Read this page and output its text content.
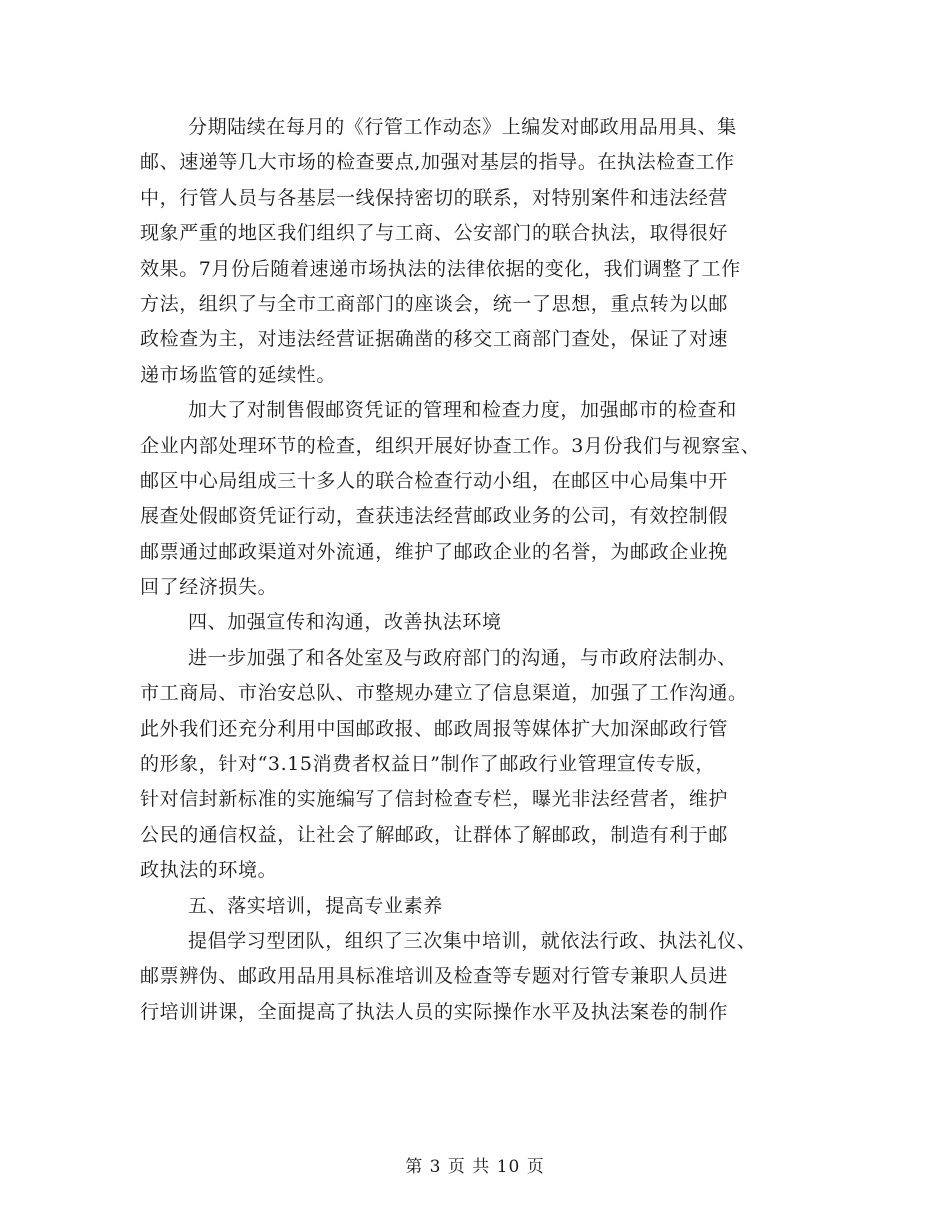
分期陆续在每月的《行管工作动态》上编发对邮政用品用具、集
邮、速递等几大市场的检查要点,加强对基层的指导。在执法检查工作
中，行管人员与各基层一线保持密切的联系，对特别案件和违法经营
现象严重的地区我们组织了与工商、公安部门的联合执法，取得很好
效果。7月份后随着速递市场执法的法律依据的变化，我们调整了工作
方法，组织了与全市工商部门的座谈会，统一了思想，重点转为以邮
政检查为主，对违法经营证据确凿的移交工商部门查处，保证了对速
递市场监管的延续性。
加大了对制售假邮资凭证的管理和检查力度，加强邮市的检查和
企业内部处理环节的检查，组织开展好协查工作。3月份我们与视察室、
邮区中心局组成三十多人的联合检查行动小组，在邮区中心局集中开
展查处假邮资凭证行动，查获违法经营邮政业务的公司，有效控制假
邮票通过邮政渠道对外流通，维护了邮政企业的名誉，为邮政企业挽
回了经济损失。
四、加强宣传和沟通，改善执法环境
进一步加强了和各处室及与政府部门的沟通，与市政府法制办、
市工商局、市治安总队、市整规办建立了信息渠道，加强了工作沟通。
此外我们还充分利用中国邮政报、邮政周报等媒体扩大加深邮政行管
的形象，针对“3.15消费者权益日”制作了邮政行业管理宣传专版，
针对信封新标准的实施编写了信封检查专栏，曝光非法经营者，维护
公民的通信权益，让社会了解邮政，让群体了解邮政，制造有利于邮
政执法的环境。
五、落实培训，提高专业素养
提倡学习型团队，组织了三次集中培训，就依法行政、执法礼仪、
邮票辨伪、邮政用品用具标准培训及检查等专题对行管专兼职人员进
行培训讲课，全面提高了执法人员的实际操作水平及执法案卷的制作
第 3 页 共 10 页
